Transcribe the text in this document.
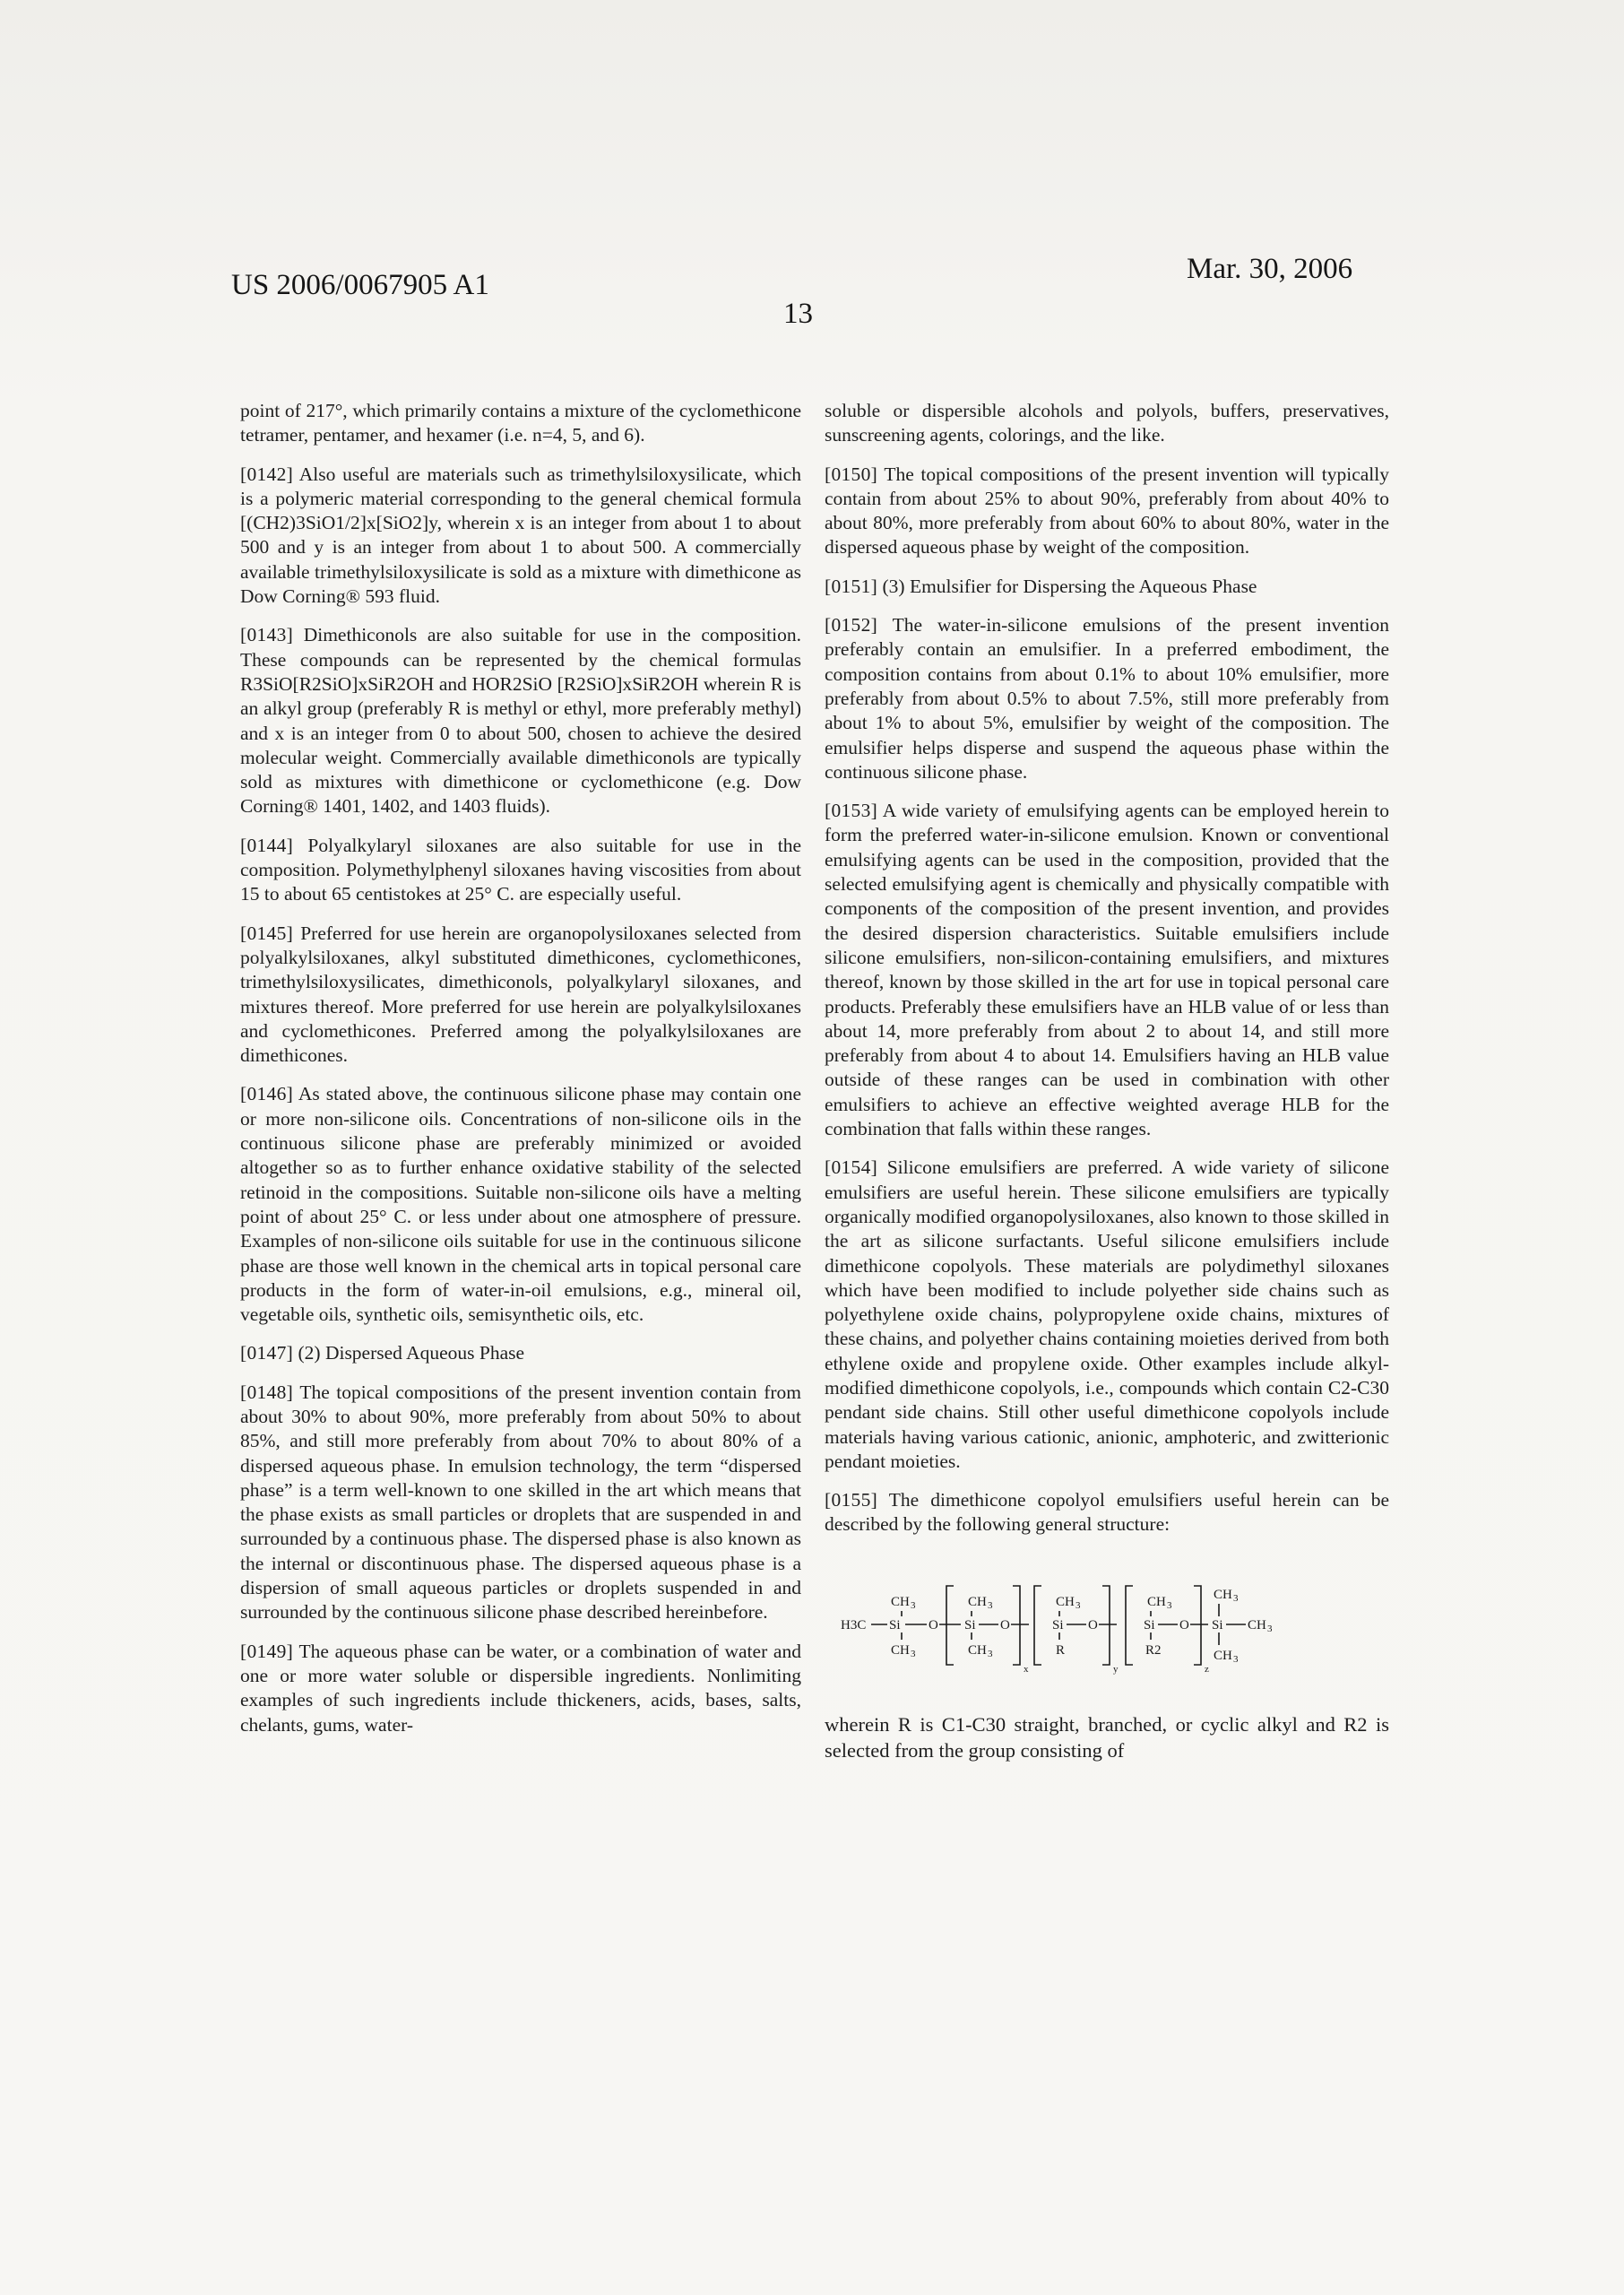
US 2006/0067905 A1	Mar. 30, 2006
13

point of 217°, which primarily contains a mixture of the cyclomethicone tetramer, pentamer, and hexamer (i.e. n=4, 5, and 6).

[0142] Also useful are materials such as trimethylsiloxysilicate, which is a polymeric material corresponding to the general chemical formula [(CH2)3SiO1/2]x[SiO2]y, wherein x is an integer from about 1 to about 500 and y is an integer from about 1 to about 500. A commercially available trimethylsiloxysilicate is sold as a mixture with dimethicone as Dow Corning® 593 fluid.

[0143] Dimethiconols are also suitable for use in the composition. These compounds can be represented by the chemical formulas R3SiO[R2SiO]xSiR2OH and HOR2SiO [R2SiO]xSiR2OH wherein R is an alkyl group (preferably R is methyl or ethyl, more preferably methyl) and x is an integer from 0 to about 500, chosen to achieve the desired molecular weight. Commercially available dimethiconols are typically sold as mixtures with dimethicone or cyclomethicone (e.g. Dow Corning® 1401, 1402, and 1403 fluids).

[0144] Polyalkylaryl siloxanes are also suitable for use in the composition. Polymethylphenyl siloxanes having viscosities from about 15 to about 65 centistokes at 25° C. are especially useful.

[0145] Preferred for use herein are organopolysiloxanes selected from polyalkylsiloxanes, alkyl substituted dimethicones, cyclomethicones, trimethylsiloxysilicates, dimethiconols, polyalkylaryl siloxanes, and mixtures thereof. More preferred for use herein are polyalkylsiloxanes and cyclomethicones. Preferred among the polyalkylsiloxanes are dimethicones.

[0146] As stated above, the continuous silicone phase may contain one or more non-silicone oils. Concentrations of non-silicone oils in the continuous silicone phase are preferably minimized or avoided altogether so as to further enhance oxidative stability of the selected retinoid in the compositions. Suitable non-silicone oils have a melting point of about 25° C. or less under about one atmosphere of pressure. Examples of non-silicone oils suitable for use in the continuous silicone phase are those well known in the chemical arts in topical personal care products in the form of water-in-oil emulsions, e.g., mineral oil, vegetable oils, synthetic oils, semisynthetic oils, etc.

[0147] (2) Dispersed Aqueous Phase

[0148] The topical compositions of the present invention contain from about 30% to about 90%, more preferably from about 50% to about 85%, and still more preferably from about 70% to about 80% of a dispersed aqueous phase. In emulsion technology, the term “dispersed phase” is a term well-known to one skilled in the art which means that the phase exists as small particles or droplets that are suspended in and surrounded by a continuous phase. The dispersed phase is also known as the internal or discontinuous phase. The dispersed aqueous phase is a dispersion of small aqueous particles or droplets suspended in and surrounded by the continuous silicone phase described hereinbefore.

[0149] The aqueous phase can be water, or a combination of water and one or more water soluble or dispersible ingredients. Nonlimiting examples of such ingredients include thickeners, acids, bases, salts, chelants, gums, water-

soluble or dispersible alcohols and polyols, buffers, preservatives, sunscreening agents, colorings, and the like.

[0150] The topical compositions of the present invention will typically contain from about 25% to about 90%, preferably from about 40% to about 80%, more preferably from about 60% to about 80%, water in the dispersed aqueous phase by weight of the composition.

[0151] (3) Emulsifier for Dispersing the Aqueous Phase

[0152] The water-in-silicone emulsions of the present invention preferably contain an emulsifier. In a preferred embodiment, the composition contains from about 0.1% to about 10% emulsifier, more preferably from about 0.5% to about 7.5%, still more preferably from about 1% to about 5%, emulsifier by weight of the composition. The emulsifier helps disperse and suspend the aqueous phase within the continuous silicone phase.

[0153] A wide variety of emulsifying agents can be employed herein to form the preferred water-in-silicone emulsion. Known or conventional emulsifying agents can be used in the composition, provided that the selected emulsifying agent is chemically and physically compatible with components of the composition of the present invention, and provides the desired dispersion characteristics. Suitable emulsifiers include silicone emulsifiers, non-silicon-containing emulsifiers, and mixtures thereof, known by those skilled in the art for use in topical personal care products. Preferably these emulsifiers have an HLB value of or less than about 14, more preferably from about 2 to about 14, and still more preferably from about 4 to about 14. Emulsifiers having an HLB value outside of these ranges can be used in combination with other emulsifiers to achieve an effective weighted average HLB for the combination that falls within these ranges.

[0154] Silicone emulsifiers are preferred. A wide variety of silicone emulsifiers are useful herein. These silicone emulsifiers are typically organically modified organopolysiloxanes, also known to those skilled in the art as silicone surfactants. Useful silicone emulsifiers include dimethicone copolyols. These materials are polydimethyl siloxanes which have been modified to include polyether side chains such as polyethylene oxide chains, polypropylene oxide chains, mixtures of these chains, and polyether chains containing moieties derived from both ethylene oxide and propylene oxide. Other examples include alkyl-modified dimethicone copolyols, i.e., compounds which contain C2-C30 pendant side chains. Still other useful dimethicone copolyols include materials having various cationic, anionic, amphoteric, and zwitterionic pendant moieties.

[0155] The dimethicone copolyol emulsifiers useful herein can be described by the following general structure:

H3C Si
CH 3
CH 3
O Si
CH 3
CH 3
O
x
Si
CH 3
R
O
y
Si
CH 3
R2
O
z
Si
CH 3
CH 3
CH 3

wherein R is C1-C30 straight, branched, or cyclic alkyl and R2 is selected from the group consisting of
